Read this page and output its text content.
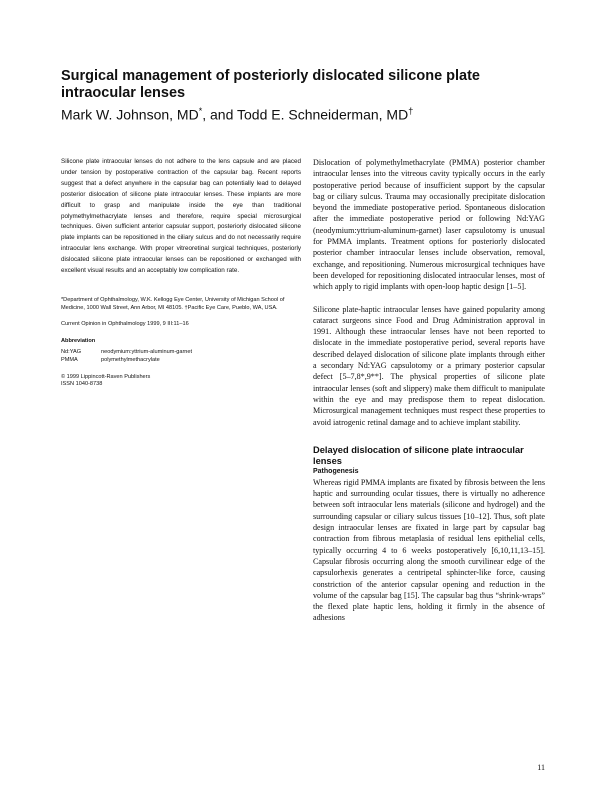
Surgical management of posteriorly dislocated silicone plate intraocular lenses
Mark W. Johnson, MD*, and Todd E. Schneiderman, MD†

Silicone plate intraocular lenses do not adhere to the lens capsule and are placed under tension by postoperative contraction of the capsular bag. Recent reports suggest that a defect anywhere in the capsular bag can potentially lead to delayed posterior dislocation of silicone plate intraocular lenses. These implants are more difficult to grasp and manipulate inside the eye than traditional polymethylmethacrylate lenses and therefore, require special microsurgical techniques. Given sufficient anterior capsular support, posteriorly dislocated silicone plate implants can be repositioned in the ciliary sulcus and do not necessarily require intraocular lens exchange. With proper vitreoretinal surgical techniques, posteriorly dislocated silicone plate intraocular lenses can be repositioned or exchanged with excellent visual results and an acceptably low complication rate.

*Department of Ophthalmology, W.K. Kellogg Eye Center, University of Michigan School of Medicine, 1000 Wall Street, Ann Arbor, MI 48105. †Pacific Eye Care, Pueblo, WA, USA.

Current Opinion in Ophthalmology 1999, 9 III:11–16

Abbreviation

Nd:YAG	neodymium:yttrium-aluminum-garnet
PMMA	polymethylmethacrylate

© 1999 Lippincott-Raven Publishers

ISSN 1040-8738

Dislocation of polymethylmethacrylate (PMMA) posterior chamber intraocular lenses into the vitreous cavity typically occurs in the early postoperative period because of insufficient support by the capsular bag or ciliary sulcus. Trauma may occasionally precipitate dislocation beyond the immediate postoperative period. Spontaneous dislocation after the immediate postoperative period or following Nd:YAG (neodymium:yttrium-aluminum-garnet) laser capsulotomy is unusual for PMMA implants. Treatment options for posteriorly dislocated posterior chamber intraocular lenses include observation, removal, exchange, and repositioning. Numerous microsurgical techniques have been developed for repositioning dislocated intraocular lenses, most of which apply to rigid implants with open-loop haptic design [1–5].

Silicone plate-haptic intraocular lenses have gained popularity among cataract surgeons since Food and Drug Administration approval in 1991. Although these intraocular lenses have not been reported to dislocate in the immediate postoperative period, several reports have described delayed dislocation of silicone plate implants through either a secondary Nd:YAG capsulotomy or a primary posterior capsular defect [5–7,8*,9**]. The physical properties of silicone plate intraocular lenses (soft and slippery) make them difficult to manipulate within the eye and may predispose them to repeat dislocation. Microsurgical management techniques must respect these properties to avoid iatrogenic retinal damage and to achieve implant stability.

Delayed dislocation of silicone plate intraocular lenses
Pathogenesis

Whereas rigid PMMA implants are fixated by fibrosis between the lens haptic and surrounding ocular tissues, there is virtually no adherence between soft intraocular lens materials (silicone and hydrogel) and the surrounding capsular or ciliary sulcus tissues [10–12]. Thus, soft plate design intraocular lenses are fixated in large part by capsular bag contraction from fibrous metaplasia of residual lens epithelial cells, typically occurring 4 to 6 weeks postoperatively [6,10,11,13–15]. Capsular fibrosis occurring along the smooth curvilinear edge of the capsulorhexis generates a centripetal sphincter-like force, causing constriction of the anterior capsular opening and reduction in the volume of the capsular bag [15]. The capsular bag thus “shrink-wraps” the flexed plate haptic lens, holding it firmly in the absence of adhesions

11
